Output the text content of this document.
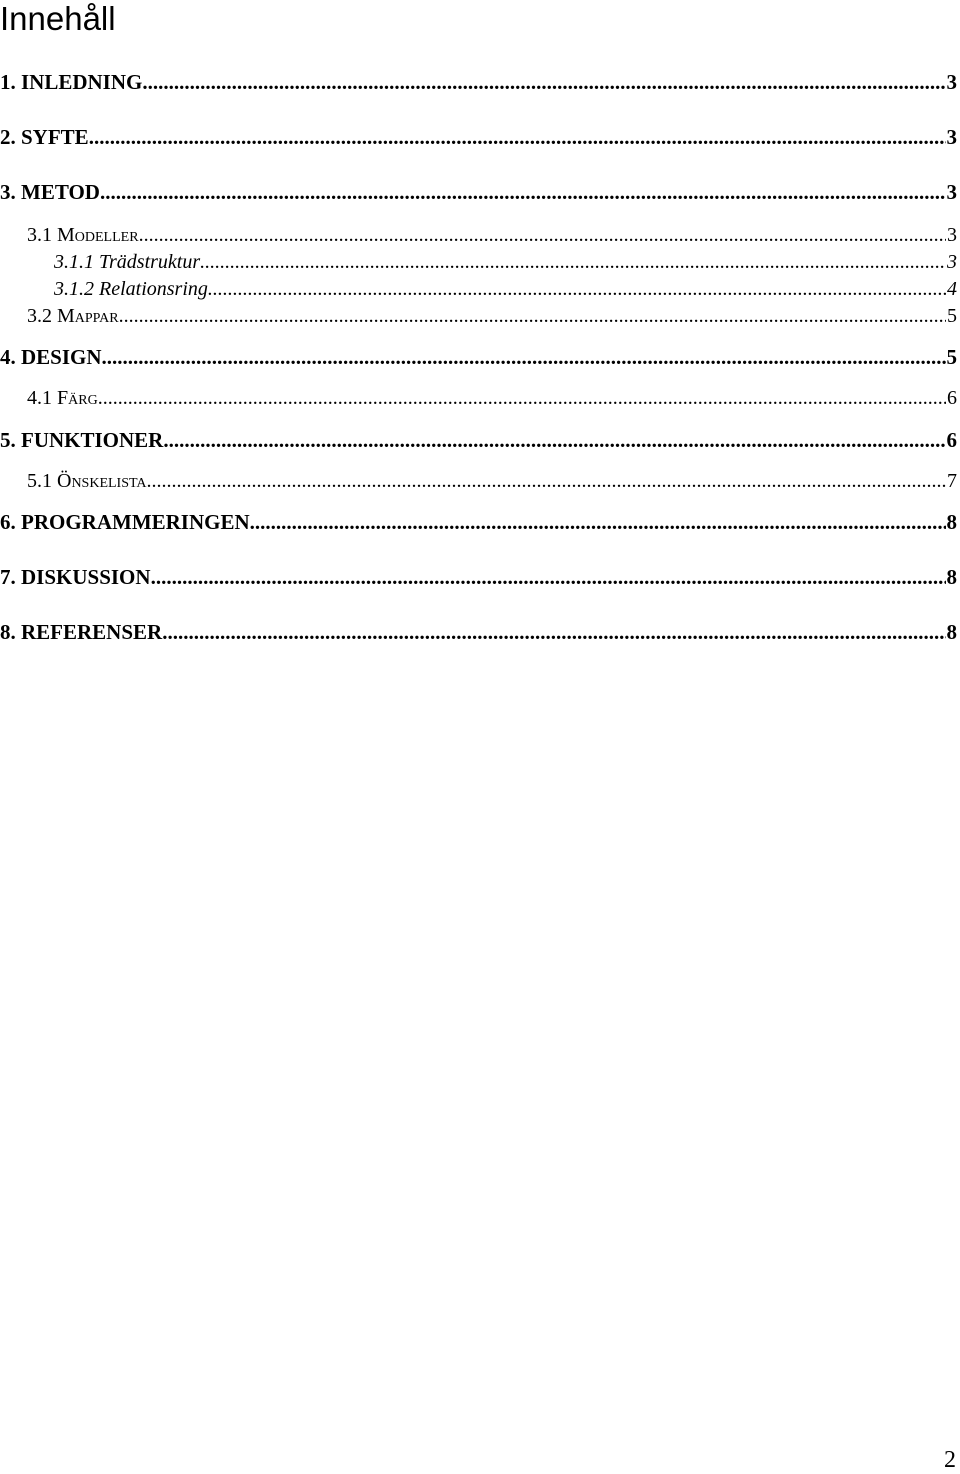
Innehåll
1. INLEDNING .....	3
2. SYFTE .....	3
3. METOD .....	3
3.1 Modeller .....	3
3.1.1 Trädstruktur .....	3
3.1.2 Relationsring .....	4
3.2 Mappar .....	5
4. DESIGN .....	5
4.1 Färg .....	6
5. FUNKTIONER .....	6
5.1 Önskelista .....	7
6. PROGRAMMERINGEN .....	8
7. DISKUSSION .....	8
8. REFERENSER .....	8
2
